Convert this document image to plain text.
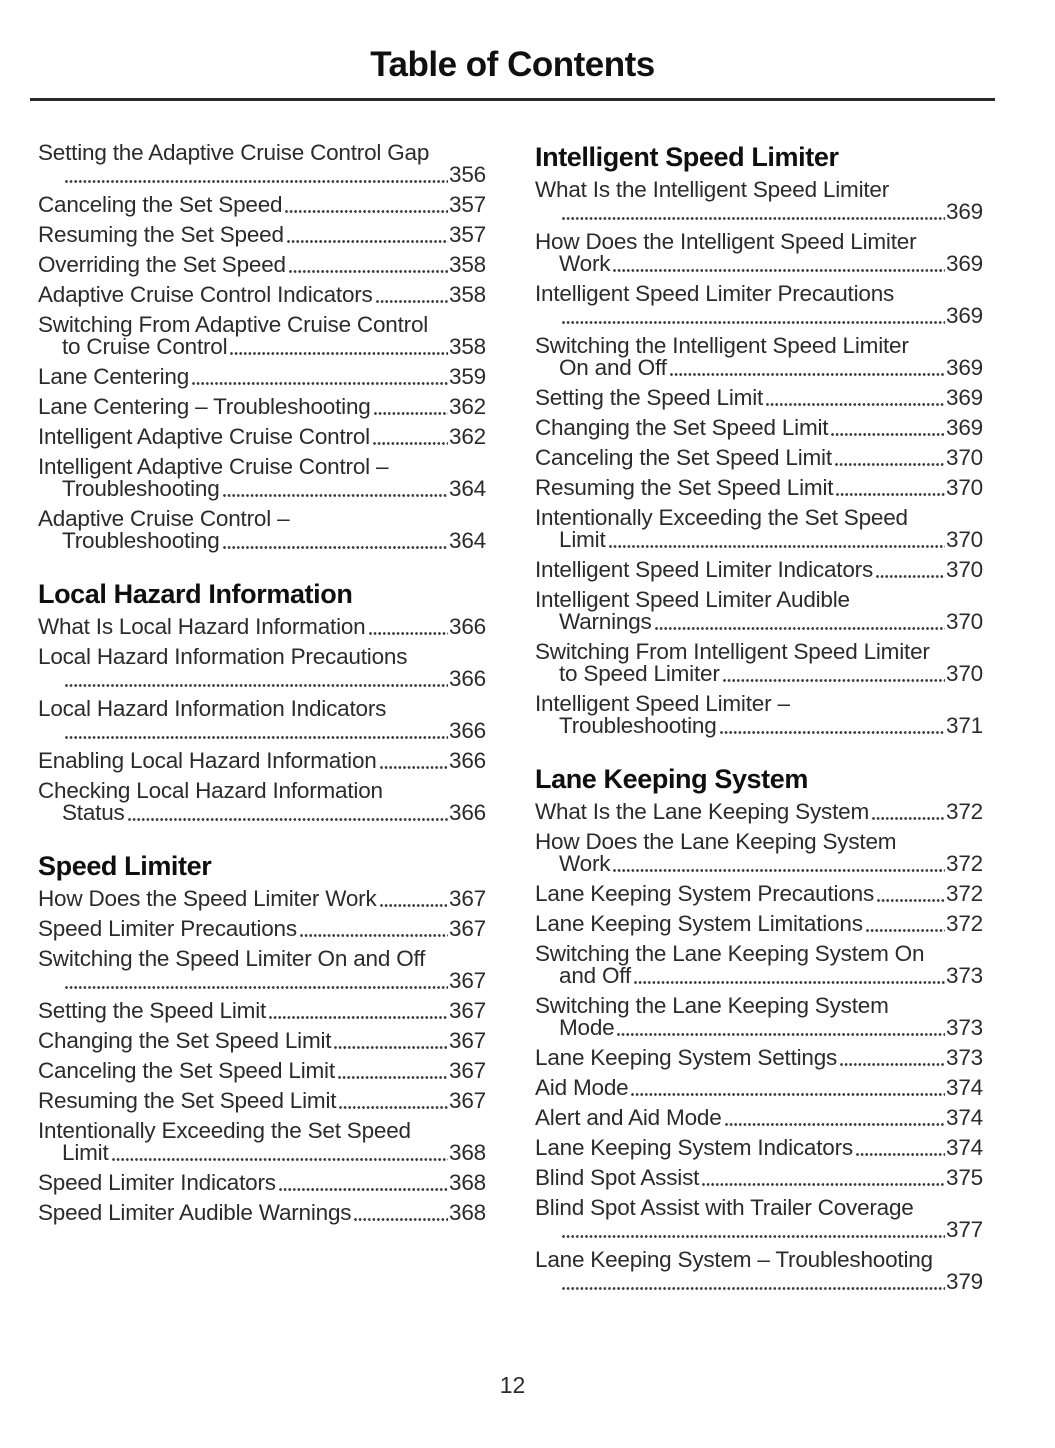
Table of Contents
Setting the Adaptive Cruise Control Gap
356
Canceling the Set Speed	357
Resuming the Set Speed	357
Overriding the Set Speed	358
Adaptive Cruise Control Indicators	358
Switching From Adaptive Cruise Control
to Cruise Control	358
Lane Centering	359
Lane Centering – Troubleshooting	362
Intelligent Adaptive Cruise Control	362
Intelligent Adaptive Cruise Control –
Troubleshooting	364
Adaptive Cruise Control –
Troubleshooting	364
Local Hazard Information
What Is Local Hazard Information	366
Local Hazard Information Precautions
366
Local Hazard Information Indicators
366
Enabling Local Hazard Information	366
Checking Local Hazard Information
Status	366
Speed Limiter
How Does the Speed Limiter Work	367
Speed Limiter Precautions	367
Switching the Speed Limiter On and Off
367
Setting the Speed Limit	367
Changing the Set Speed Limit	367
Canceling the Set Speed Limit	367
Resuming the Set Speed Limit	367
Intentionally Exceeding the Set Speed
Limit	368
Speed Limiter Indicators	368
Speed Limiter Audible Warnings	368
Intelligent Speed Limiter
What Is the Intelligent Speed Limiter
369
How Does the Intelligent Speed Limiter
Work	369
Intelligent Speed Limiter Precautions
369
Switching the Intelligent Speed Limiter
On and Off	369
Setting the Speed Limit	369
Changing the Set Speed Limit	369
Canceling the Set Speed Limit	370
Resuming the Set Speed Limit	370
Intentionally Exceeding the Set Speed
Limit	370
Intelligent Speed Limiter Indicators	370
Intelligent Speed Limiter Audible
Warnings	370
Switching From Intelligent Speed Limiter
to Speed Limiter	370
Intelligent Speed Limiter –
Troubleshooting	371
Lane Keeping System
What Is the Lane Keeping System	372
How Does the Lane Keeping System
Work	372
Lane Keeping System Precautions	372
Lane Keeping System Limitations	372
Switching the Lane Keeping System On
and Off	373
Switching the Lane Keeping System
Mode	373
Lane Keeping System Settings	373
Aid Mode	374
Alert and Aid Mode	374
Lane Keeping System Indicators	374
Blind Spot Assist	375
Blind Spot Assist with Trailer Coverage
377
Lane Keeping System – Troubleshooting
379
12
